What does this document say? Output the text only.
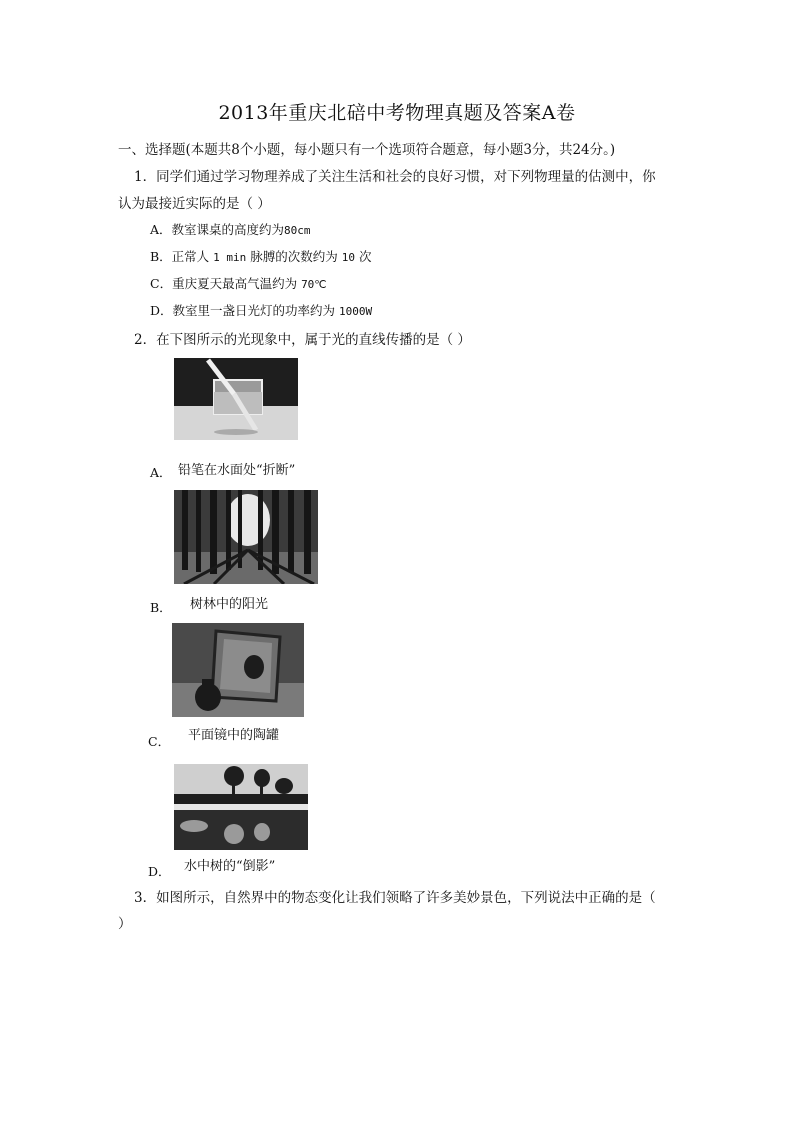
2013年重庆北碚中考物理真题及答案A卷
一、选择题(本题共8个小题，每小题只有一个选项符合题意，每小题3分，共24分。)
1．同学们通过学习物理养成了关注生活和社会的良好习惯，对下列物理量的估测中，你
认为最接近实际的是（ ）
A．教室课桌的高度约为80cm
B．正常人 1 min 脉膊的次数约为 10 次
C．重庆夏天最高气温约为 70℃
D．教室里一盏日光灯的功率约为 1000W
2．在下图所示的光现象中，属于光的直线传播的是（ ）
A． 铅笔在水面处“折断”
B． 树林中的阳光
C． 平面镜中的陶罐
D． 水中树的“倒影”
3．如图所示，自然界中的物态变化让我们领略了许多美妙景色，下列说法中正确的是（
）
